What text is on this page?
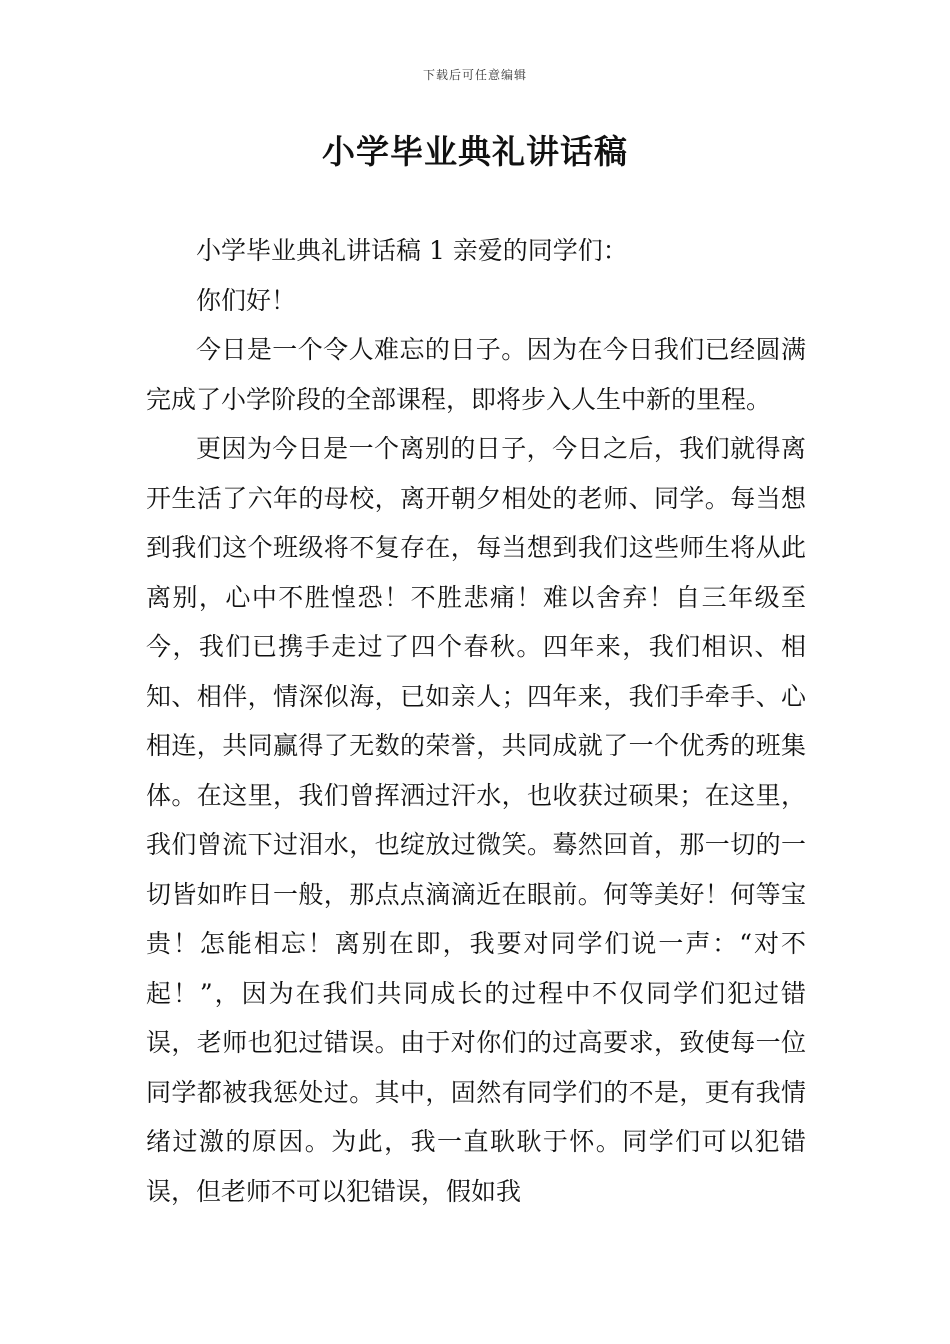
下载后可任意编辑
小学毕业典礼讲话稿

小学毕业典礼讲话稿 1 亲爱的同学们：

你们好！

今日是一个令人难忘的日子。因为在今日我们已经圆满完成了小学阶段的全部课程，即将步入人生中新的里程。

更因为今日是一个离别的日子，今日之后，我们就得离开生活了六年的母校，离开朝夕相处的老师、同学。每当想到我们这个班级将不复存在，每当想到我们这些师生将从此离别，心中不胜惶恐！不胜悲痛！难以舍弃！自三年级至今，我们已携手走过了四个春秋。四年来，我们相识、相知、相伴，情深似海，已如亲人；四年来，我们手牵手、心相连，共同赢得了无数的荣誉，共同成就了一个优秀的班集体。在这里，我们曾挥洒过汗水，也收获过硕果；在这里，我们曾流下过泪水，也绽放过微笑。蓦然回首，那一切的一切皆如昨日一般，那点点滴滴近在眼前。何等美好！何等宝贵！怎能相忘！离别在即，我要对同学们说一声：“对不起！”，因为在我们共同成长的过程中不仅同学们犯过错误，老师也犯过错误。由于对你们的过高要求，致使每一位同学都被我惩处过。其中，固然有同学们的不是，更有我情绪过激的原因。为此，我一直耿耿于怀。同学们可以犯错误，但老师不可以犯错误，假如我
